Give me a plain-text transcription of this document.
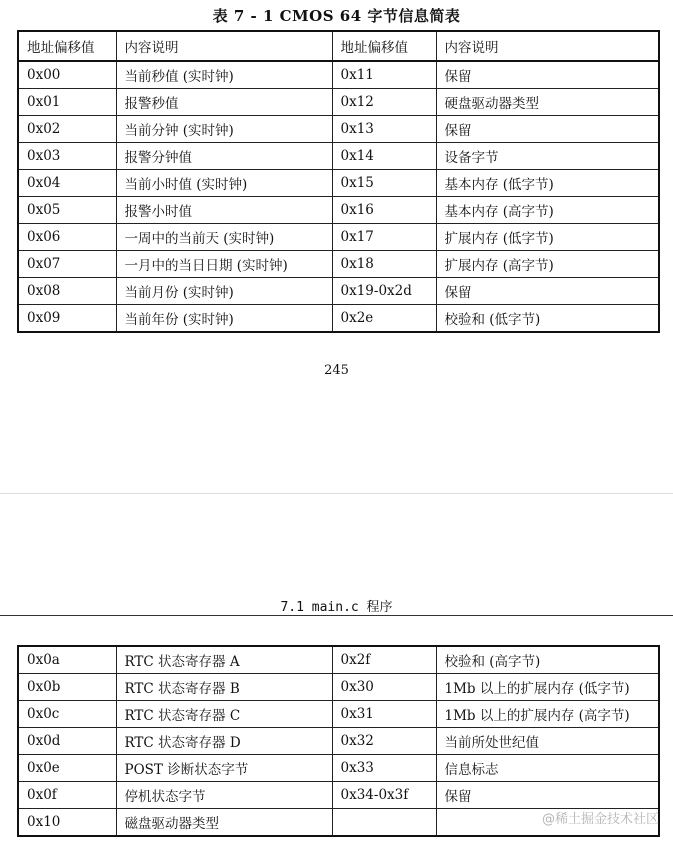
表 7 - 1 CMOS 64 字节信息简表
地址偏移值	内容说明	地址偏移值	内容说明
0x00	当前秒值 (实时钟)	0x11	保留
0x01	报警秒值	0x12	硬盘驱动器类型
0x02	当前分钟 (实时钟)	0x13	保留
0x03	报警分钟值	0x14	设备字节
0x04	当前小时值 (实时钟)	0x15	基本内存 (低字节)
0x05	报警小时值	0x16	基本内存 (高字节)
0x06	一周中的当前天 (实时钟)	0x17	扩展内存 (低字节)
0x07	一月中的当日日期 (实时钟)	0x18	扩展内存 (高字节)
0x08	当前月份 (实时钟)	0x19-0x2d	保留
0x09	当前年份 (实时钟)	0x2e	校验和 (低字节)
245
7.1 main.c 程序
0x0a	RTC 状态寄存器 A	0x2f	校验和 (高字节)
0x0b	RTC 状态寄存器 B	0x30	1Mb 以上的扩展内存 (低字节)
0x0c	RTC 状态寄存器 C	0x31	1Mb 以上的扩展内存 (高字节)
0x0d	RTC 状态寄存器 D	0x32	当前所处世纪值
0x0e	POST 诊断状态字节	0x33	信息标志
0x0f	停机状态字节	0x34-0x3f	保留
0x10	磁盘驱动器类型			@稀土掘金技术社区
